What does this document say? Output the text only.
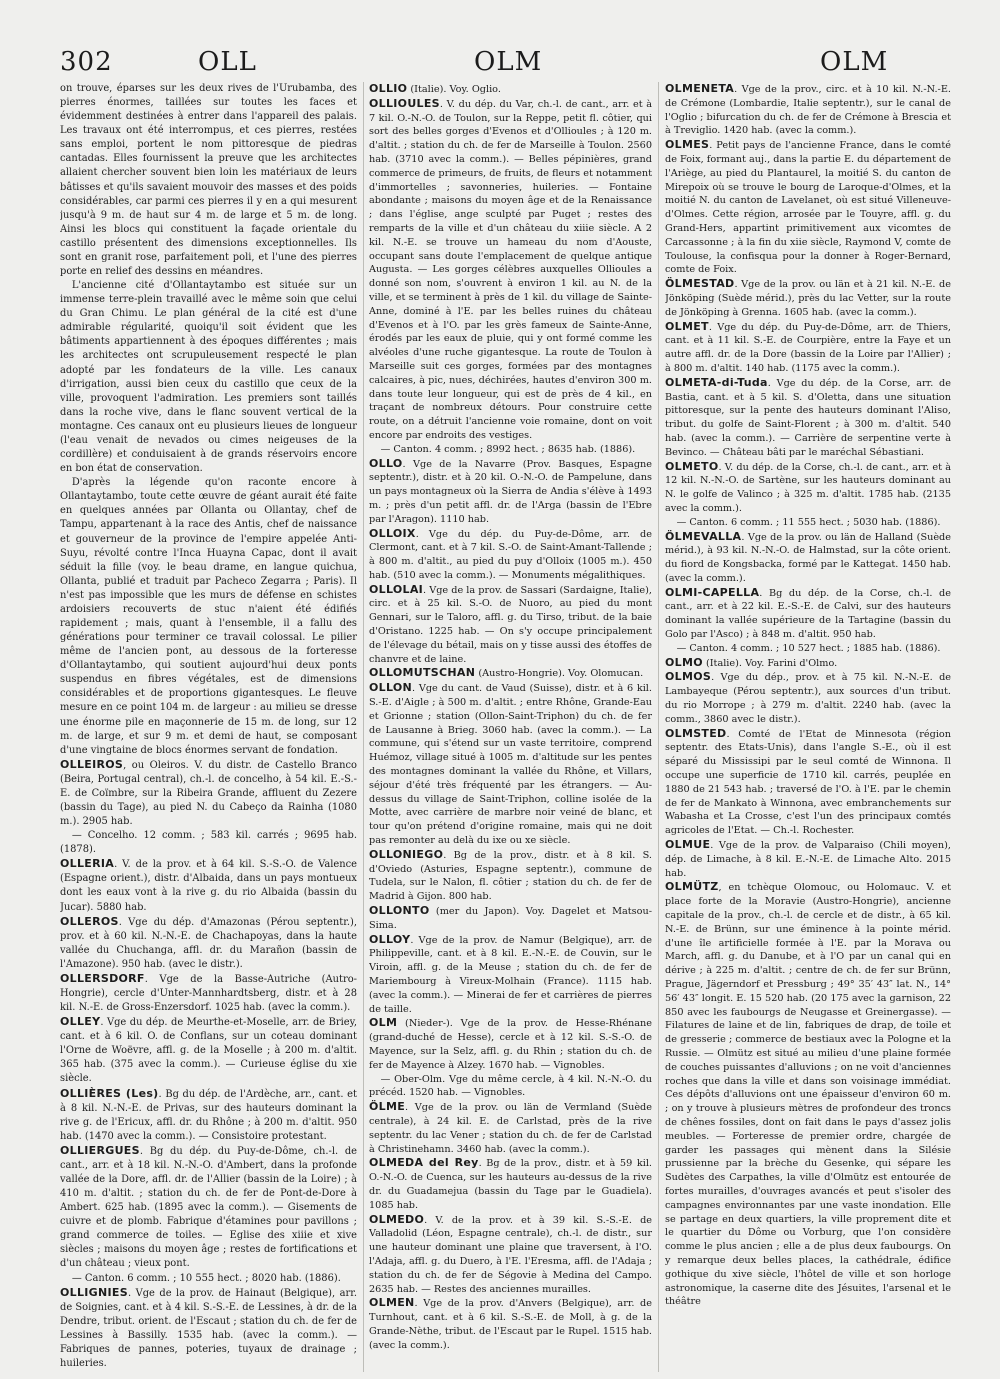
302	OLL	OLM	OLM

on trouve, éparses sur les deux rives de l'Urubamba, des pierres énormes, taillées sur toutes les faces et évidemment destinées à entrer dans l'appareil des palais. Les travaux ont été interrompus, et ces pierres, restées sans emploi, portent le nom pittoresque de piedras cantadas. Elles fournissent la preuve que les architectes allaient chercher souvent bien loin les matériaux de leurs bâtisses et qu'ils savaient mouvoir des masses et des poids considérables, car parmi ces pierres il y en a qui mesurent jusqu'à 9 m. de haut sur 4 m. de large et 5 m. de long. Ainsi les blocs qui constituent la façade orientale du castillo présentent des dimensions exceptionnelles. Ils sont en granit rose, parfaitement poli, et l'une des pierres porte en relief des dessins en méandres.

L'ancienne cité d'Ollantaytambo est située sur un immense terre-plein travaillé avec le même soin que celui du Gran Chimu. Le plan général de la cité est d'une admirable régularité, quoiqu'il soit évident que les bâtiments appartiennent à des époques différentes ; mais les architectes ont scrupuleusement respecté le plan adopté par les fondateurs de la ville. Les canaux d'irrigation, aussi bien ceux du castillo que ceux de la ville, provoquent l'admiration. Les premiers sont taillés dans la roche vive, dans le flanc souvent vertical de la montagne. Ces canaux ont eu plusieurs lieues de longueur (l'eau venait de nevados ou cimes neigeuses de la cordillère) et conduisaient à de grands réservoirs encore en bon état de conservation.

D'après la légende qu'on raconte encore à Ollantaytambo, toute cette œuvre de géant aurait été faite en quelques années par Ollanta ou Ollantay, chef de Tampu, appartenant à la race des Antis, chef de naissance et gouverneur de la province de l'empire appelée Anti-Suyu, révolté contre l'Inca Huayna Capac, dont il avait séduit la fille (voy. le beau drame, en langue quichua, Ollanta, publié et traduit par Pacheco Zegarra ; Paris). Il n'est pas impossible que les murs de défense en schistes ardoisiers recouverts de stuc n'aient été édifiés rapidement ; mais, quant à l'ensemble, il a fallu des générations pour terminer ce travail colossal. Le pilier même de l'ancien pont, au dessous de la forteresse d'Ollantaytambo, qui soutient aujourd'hui deux ponts suspendus en fibres végétales, est de dimensions considérables et de proportions gigantesques. Le fleuve mesure en ce point 104 m. de largeur : au milieu se dresse une énorme pile en maçonnerie de 15 m. de long, sur 12 m. de large, et sur 9 m. et demi de haut, se composant d'une vingtaine de blocs énormes servant de fondation.

OLLEIROS, ou Oleiros. V. du distr. de Castello Branco (Beira, Portugal central), ch.-l. de concelho, à 54 kil. E.-S.-E. de Coïmbre, sur la Ribeira Grande, affluent du Zezere (bassin du Tage), au pied N. du Cabeço da Rainha (1080 m.). 2905 hab.

— Concelho. 12 comm. ; 583 kil. carrés ; 9695 hab. (1878).

OLLERIA. V. de la prov. et à 64 kil. S.-S.-O. de Valence (Espagne orient.), distr. d'Albaida, dans un pays montueux dont les eaux vont à la rive g. du rio Albaida (bassin du Jucar). 5880 hab.

OLLEROS. Vge du dép. d'Amazonas (Pérou septentr.), prov. et à 60 kil. N.-N.-E. de Chachapoyas, dans la haute vallée du Chuchanga, affl. dr. du Marañon (bassin de l'Amazone). 950 hab. (avec le distr.).

OLLERSDORF. Vge de la Basse-Autriche (Autro-Hongrie), cercle d'Unter-Mannhardtsberg, distr. et à 28 kil. N.-E. de Gross-Enzersdorf. 1025 hab. (avec la comm.).

OLLEY. Vge du dép. de Meurthe-et-Moselle, arr. de Briey, cant. et à 6 kil. O. de Conflans, sur un coteau dominant l'Orne de Woëvre, affl. g. de la Moselle ; à 200 m. d'altit. 365 hab. (375 avec la comm.). — Curieuse église du xie siècle.

OLLIÈRES (Les). Bg du dép. de l'Ardèche, arr., cant. et à 8 kil. N.-N.-E. de Privas, sur des hauteurs dominant la rive g. de l'Ericux, affl. dr. du Rhône ; à 200 m. d'altit. 950 hab. (1470 avec la comm.). — Consistoire protestant.

OLLIERGUES. Bg du dép. du Puy-de-Dôme, ch.-l. de cant., arr. et à 18 kil. N.-N.-O. d'Ambert, dans la profonde vallée de la Dore, affl. dr. de l'Allier (bassin de la Loire) ; à 410 m. d'altit. ; station du ch. de fer de Pont-de-Dore à Ambert. 625 hab. (1895 avec la comm.). — Gisements de cuivre et de plomb. Fabrique d'étamines pour pavillons ; grand commerce de toiles. — Eglise des xiiie et xive siècles ; maisons du moyen âge ; restes de fortifications et d'un château ; vieux pont.

— Canton. 6 comm. ; 10 555 hect. ; 8020 hab. (1886).

OLLIGNIES. Vge de la prov. de Hainaut (Belgique), arr. de Soignies, cant. et à 4 kil. S.-S.-E. de Lessines, à dr. de la Dendre, tribut. orient. de l'Escaut ; station du ch. de fer de Lessines à Bassilly. 1535 hab. (avec la comm.). — Fabriques de pannes, poteries, tuyaux de drainage ; huileries.

OLLIO (Italie). Voy. Oglio.

OLLIOULES. V. du dép. du Var, ch.-l. de cant., arr. et à 7 kil. O.-N.-O. de Toulon, sur la Reppe, petit fl. côtier, qui sort des belles gorges d'Evenos et d'Ollioules ; à 120 m. d'altit. ; station du ch. de fer de Marseille à Toulon. 2560 hab. (3710 avec la comm.). — Belles pépinières, grand commerce de primeurs, de fruits, de fleurs et notamment d'immortelles ; savonneries, huileries. — Fontaine abondante ; maisons du moyen âge et de la Renaissance ; dans l'église, ange sculpté par Puget ; restes des remparts de la ville et d'un château du xiiie siècle. A 2 kil. N.-E. se trouve un hameau du nom d'Aouste, occupant sans doute l'emplacement de quelque antique Augusta. — Les gorges célèbres auxquelles Ollioules a donné son nom, s'ouvrent à environ 1 kil. au N. de la ville, et se terminent à près de 1 kil. du village de Sainte-Anne, dominé à l'E. par les belles ruines du château d'Evenos et à l'O. par les grès fameux de Sainte-Anne, érodés par les eaux de pluie, qui y ont formé comme les alvéoles d'une ruche gigantesque. La route de Toulon à Marseille suit ces gorges, formées par des montagnes calcaires, à pic, nues, déchirées, hautes d'environ 300 m. dans toute leur longueur, qui est de près de 4 kil., en traçant de nombreux détours. Pour construire cette route, on a détruit l'ancienne voie romaine, dont on voit encore par endroits des vestiges.

— Canton. 4 comm. ; 8992 hect. ; 8635 hab. (1886).

OLLO. Vge de la Navarre (Prov. Basques, Espagne septentr.), distr. et à 20 kil. O.-N.-O. de Pampelune, dans un pays montagneux où la Sierra de Andia s'élève à 1493 m. ; près d'un petit affl. dr. de l'Arga (bassin de l'Ebre par l'Aragon). 1110 hab.

OLLOIX. Vge du dép. du Puy-de-Dôme, arr. de Clermont, cant. et à 7 kil. S.-O. de Saint-Amant-Tallende ; à 800 m. d'altit., au pied du puy d'Olloix (1005 m.). 450 hab. (510 avec la comm.). — Monuments mégalithiques.

OLLOLAI. Vge de la prov. de Sassari (Sardaigne, Italie), circ. et à 25 kil. S.-O. de Nuoro, au pied du mont Gennari, sur le Taloro, affl. g. du Tirso, tribut. de la baie d'Oristano. 1225 hab. — On s'y occupe principalement de l'élevage du bétail, mais on y tisse aussi des étoffes de chanvre et de laine.

OLLOMUTSCHAN (Austro-Hongrie). Voy. Olomucan.

OLLON. Vge du cant. de Vaud (Suisse), distr. et à 6 kil. S.-E. d'Aigle ; à 500 m. d'altit. ; entre Rhône, Grande-Eau et Grionne ; station (Ollon-Saint-Triphon) du ch. de fer de Lausanne à Brieg. 3060 hab. (avec la comm.). — La commune, qui s'étend sur un vaste territoire, comprend Huémoz, village situé à 1005 m. d'altitude sur les pentes des montagnes dominant la vallée du Rhône, et Villars, séjour d'été très fréquenté par les étrangers. — Au-dessus du village de Saint-Triphon, colline isolée de la Motte, avec carrière de marbre noir veiné de blanc, et tour qu'on prétend d'origine romaine, mais qui ne doit pas remonter au delà du ixe ou xe siècle.

OLLONIEGO. Bg de la prov., distr. et à 8 kil. S. d'Oviedo (Asturies, Espagne septentr.), commune de Tudela, sur le Nalon, fl. côtier ; station du ch. de fer de Madrid à Gijon. 800 hab.

OLLONTO (mer du Japon). Voy. Dagelet et Matsou-Sima.

OLLOY. Vge de la prov. de Namur (Belgique), arr. de Philippeville, cant. et à 8 kil. E.-N.-E. de Couvin, sur le Viroin, affl. g. de la Meuse ; station du ch. de fer de Mariembourg à Vireux-Molhain (France). 1115 hab. (avec la comm.). — Minerai de fer et carrières de pierres de taille.

OLM (Nieder-). Vge de la prov. de Hesse-Rhénane (grand-duché de Hesse), cercle et à 12 kil. S.-S.-O. de Mayence, sur la Selz, affl. g. du Rhin ; station du ch. de fer de Mayence à Alzey. 1670 hab. — Vignobles.

— Ober-Olm. Vge du même cercle, à 4 kil. N.-N.-O. du précéd. 1520 hab. — Vignobles.

ÖLME. Vge de la prov. ou län de Vermland (Suède centrale), à 24 kil. E. de Carlstad, près de la rive septentr. du lac Vener ; station du ch. de fer de Carlstad à Christinehamn. 3460 hab. (avec la comm.).

OLMEDA del Rey. Bg de la prov., distr. et à 59 kil. O.-N.-O. de Cuenca, sur les hauteurs au-dessus de la rive dr. du Guadamejua (bassin du Tage par le Guadiela). 1085 hab.

OLMEDO. V. de la prov. et à 39 kil. S.-S.-E. de Valladolid (Léon, Espagne centrale), ch.-l. de distr., sur une hauteur dominant une plaine que traversent, à l'O. l'Adaja, affl. g. du Duero, à l'E. l'Eresma, affl. de l'Adaja ; station du ch. de fer de Ségovie à Medina del Campo. 2635 hab. — Restes des anciennes murailles.

OLMEN. Vge de la prov. d'Anvers (Belgique), arr. de Turnhout, cant. et à 6 kil. S.-S.-E. de Moll, à g. de la Grande-Nèthe, tribut. de l'Escaut par le Rupel. 1515 hab. (avec la comm.).

OLMENETA. Vge de la prov., circ. et à 10 kil. N.-N.-E. de Crémone (Lombardie, Italie septentr.), sur le canal de l'Oglio ; bifurcation du ch. de fer de Crémone à Brescia et à Treviglio. 1420 hab. (avec la comm.).

OLMES. Petit pays de l'ancienne France, dans le comté de Foix, formant auj., dans la partie E. du département de l'Ariège, au pied du Plantaurel, la moitié S. du canton de Mirepoix où se trouve le bourg de Laroque-d'Olmes, et la moitié N. du canton de Lavelanet, où est situé Villeneuve-d'Olmes. Cette région, arrosée par le Touyre, affl. g. du Grand-Hers, appartint primitivement aux vicomtes de Carcassonne ; à la fin du xiie siècle, Raymond V, comte de Toulouse, la confisqua pour la donner à Roger-Bernard, comte de Foix.

ÖLMESTAD. Vge de la prov. ou län et à 21 kil. N.-E. de Jönköping (Suède mérid.), près du lac Vetter, sur la route de Jönköping à Grenna. 1605 hab. (avec la comm.).

OLMET. Vge du dép. du Puy-de-Dôme, arr. de Thiers, cant. et à 11 kil. S.-E. de Courpière, entre la Faye et un autre affl. dr. de la Dore (bassin de la Loire par l'Allier) ; à 800 m. d'altit. 140 hab. (1175 avec la comm.).

OLMETA-di-Tuda. Vge du dép. de la Corse, arr. de Bastia, cant. et à 5 kil. S. d'Oletta, dans une situation pittoresque, sur la pente des hauteurs dominant l'Aliso, tribut. du golfe de Saint-Florent ; à 300 m. d'altit. 540 hab. (avec la comm.). — Carrière de serpentine verte à Bevinco. — Château bâti par le maréchal Sébastiani.

OLMETO. V. du dép. de la Corse, ch.-l. de cant., arr. et à 12 kil. N.-N.-O. de Sartène, sur les hauteurs dominant au N. le golfe de Valinco ; à 325 m. d'altit. 1785 hab. (2135 avec la comm.).

— Canton. 6 comm. ; 11 555 hect. ; 5030 hab. (1886).

ÖLMEVALLA. Vge de la prov. ou län de Halland (Suède mérid.), à 93 kil. N.-N.-O. de Halmstad, sur la côte orient. du fiord de Kongsbacka, formé par le Kattegat. 1450 hab. (avec la comm.).

OLMI-CAPELLA. Bg du dép. de la Corse, ch.-l. de cant., arr. et à 22 kil. E.-S.-E. de Calvi, sur des hauteurs dominant la vallée supérieure de la Tartagine (bassin du Golo par l'Asco) ; à 848 m. d'altit. 950 hab.

— Canton. 4 comm. ; 10 527 hect. ; 1885 hab. (1886).

OLMO (Italie). Voy. Farini d'Olmo.

OLMOS. Vge du dép., prov. et à 75 kil. N.-N.-E. de Lambayeque (Pérou septentr.), aux sources d'un tribut. du rio Morrope ; à 279 m. d'altit. 2240 hab. (avec la comm., 3860 avec le distr.).

OLMSTED. Comté de l'Etat de Minnesota (région septentr. des Etats-Unis), dans l'angle S.-E., où il est séparé du Mississipi par le seul comté de Winnona. Il occupe une superficie de 1710 kil. carrés, peuplée en 1880 de 21 543 hab. ; traversé de l'O. à l'E. par le chemin de fer de Mankato à Winnona, avec embranchements sur Wabasha et La Crosse, c'est l'un des principaux comtés agricoles de l'Etat. — Ch.-l. Rochester.

OLMUE. Vge de la prov. de Valparaiso (Chili moyen), dép. de Limache, à 8 kil. E.-N.-E. de Limache Alto. 2015 hab.

OLMÜTZ, en tchèque Olomouc, ou Holomauc. V. et place forte de la Moravie (Austro-Hongrie), ancienne capitale de la prov., ch.-l. de cercle et de distr., à 65 kil. N.-E. de Brünn, sur une éminence à la pointe mérid. d'une île artificielle formée à l'E. par la Morava ou March, affl. g. du Danube, et à l'O par un canal qui en dérive ; à 225 m. d'altit. ; centre de ch. de fer sur Brünn, Prague, Jägerndorf et Pressburg ; 49° 35′ 43″ lat. N., 14° 56′ 43″ longit. E. 15 520 hab. (20 175 avec la garnison, 22 850 avec les faubourgs de Neugasse et Greinergasse). — Filatures de laine et de lin, fabriques de drap, de toile et de gresserie ; commerce de bestiaux avec la Pologne et la Russie. — Olmütz est situé au milieu d'une plaine formée de couches puissantes d'alluvions ; on ne voit d'anciennes roches que dans la ville et dans son voisinage immédiat. Ces dépôts d'alluvions ont une épaisseur d'environ 60 m. ; on y trouve à plusieurs mètres de profondeur des troncs de chênes fossiles, dont on fait dans le pays d'assez jolis meubles. — Forteresse de premier ordre, chargée de garder les passages qui mènent dans la Silésie prussienne par la brèche du Gesenke, qui sépare les Sudètes des Carpathes, la ville d'Olmütz est entourée de fortes murailles, d'ouvrages avancés et peut s'isoler des campagnes environnantes par une vaste inondation. Elle se partage en deux quartiers, la ville proprement dite et le quartier du Dôme ou Vorburg, que l'on considère comme le plus ancien ; elle a de plus deux faubourgs. On y remarque deux belles places, la cathédrale, édifice gothique du xive siècle, l'hôtel de ville et son horloge astronomique, la caserne dite des Jésuites, l'arsenal et le théâtre
